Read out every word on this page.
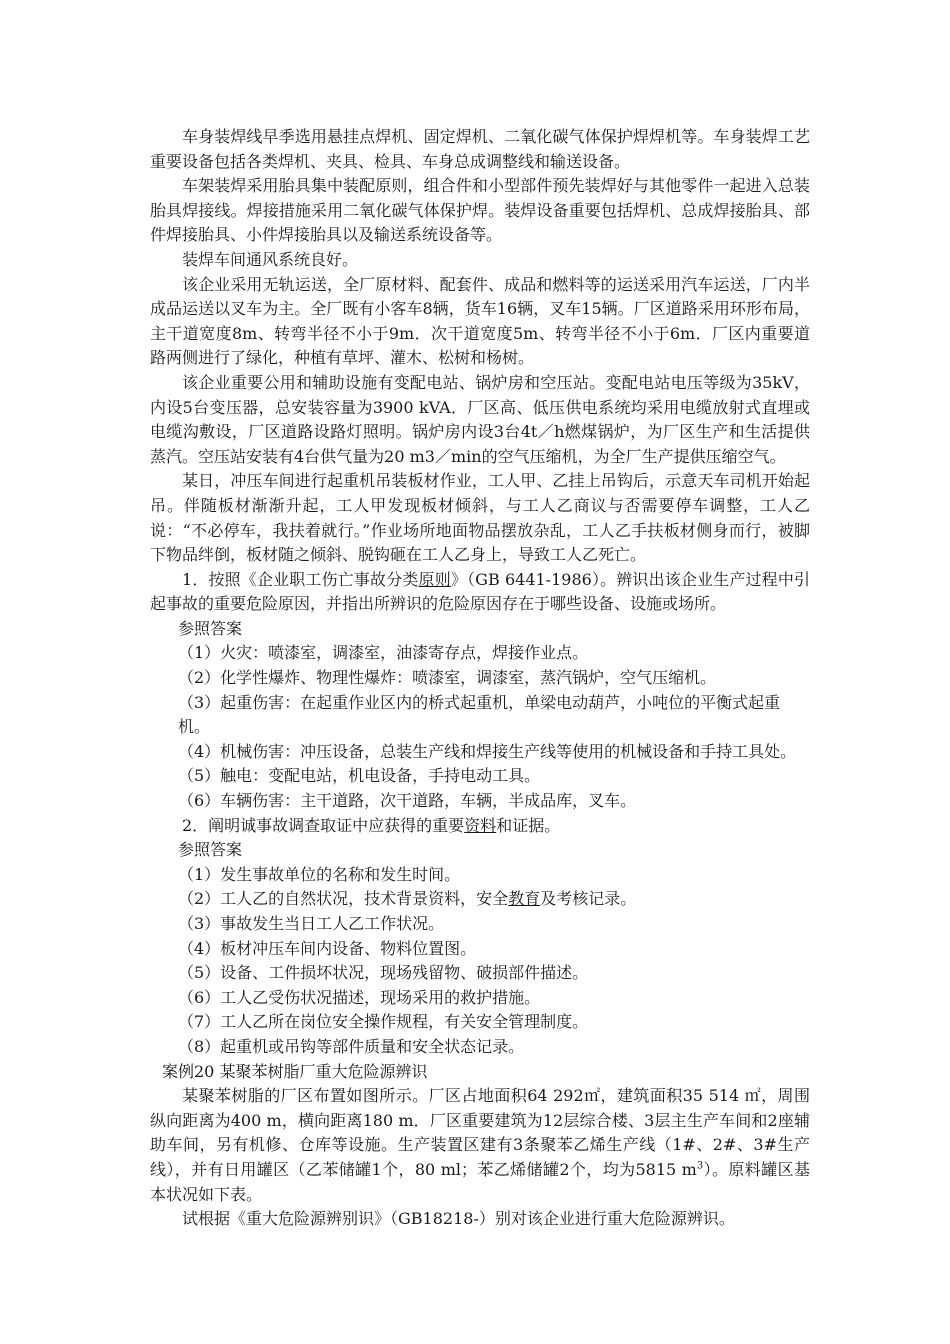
车身装焊线早季选用悬挂点焊机、固定焊机、二氧化碳气体保护焊焊机等。车身装焊工艺重要设备包括各类焊机、夹具、检具、车身总成调整线和输送设备。

车架装焊采用胎具集中装配原则，组合件和小型部件预先装焊好与其他零件一起进入总装胎具焊接线。焊接措施采用二氧化碳气体保护焊。装焊设备重要包括焊机、总成焊接胎具、部件焊接胎具、小件焊接胎具以及输送系统设备等。

装焊车间通风系统良好。

该企业采用无轨运送，全厂原材料、配套件、成品和燃料等的运送采用汽车运送，厂内半成品运送以叉车为主。全厂既有小客车8辆，货车16辆，叉车15辆。厂区道路采用环形布局，主干道宽度8m、转弯半径不小于9m．次干道宽度5m、转弯半径不小于6m．厂区内重要道路两侧进行了绿化，种植有草坪、灌木、松树和杨树。

该企业重要公用和辅助设施有变配电站、锅炉房和空压站。变配电站电压等级为35kV，内设5台变压器，总安装容量为3900 kVA．厂区高、低压供电系统均采用电缆放射式直埋或电缆沟敷设，厂区道路设路灯照明。锅炉房内设3台4t／h燃煤锅炉，为厂区生产和生活提供蒸汽。空压站安装有4台供气量为20 m3／min的空气压缩机，为全厂生产提供压缩空气。

某日，冲压车间进行起重机吊装板材作业，工人甲、乙挂上吊钩后，示意天车司机开始起吊。伴随板材渐渐升起，工人甲发现板材倾斜，与工人乙商议与否需要停车调整，工人乙说：“不必停车，我扶着就行。”作业场所地面物品摆放杂乱，工人乙手扶板材侧身而行，被脚下物品绊倒，板材随之倾斜、脱钩砸在工人乙身上，导致工人乙死亡。

1．按照《企业职工伤亡事故分类原则》（GB 6441-1986）。辨识出该企业生产过程中引起事故的重要危险原因，并指出所辨识的危险原因存在于哪些设备、设施或场所。

参照答案

（1）火灾：喷漆室，调漆室，油漆寄存点，焊接作业点。

（2）化学性爆炸、物理性爆炸：喷漆室，调漆室，蒸汽锅炉，空气压缩机。

（3）起重伤害：在起重作业区内的桥式起重机，单梁电动葫芦，小吨位的平衡式起重机。

（4）机械伤害：冲压设备，总装生产线和焊接生产线等使用的机械设备和手持工具处。

（5）触电：变配电站，机电设备，手持电动工具。

（6）车辆伤害：主干道路，次干道路，车辆，半成品库，叉车。

2．阐明诚事故调查取证中应获得的重要资料和证据。

参照答案

（1）发生事故单位的名称和发生时间。

（2）工人乙的自然状况，技术背景资料，安全教育及考核记录。

（3）事故发生当日工人乙工作状况。

（4）板材冲压车间内设备、物料位置图。

（5）设备、工件损坏状况，现场残留物、破损部件描述。

（6）工人乙受伤状况描述，现场采用的救护措施。

（7）工人乙所在岗位安全操作规程，有关安全管理制度。

（8）起重机或吊钩等部件质量和安全状态记录。

案例20 某聚苯树脂厂重大危险源辨识

某聚苯树脂的厂区布置如图所示。厂区占地面积64 292㎡，建筑面积35 514 ㎡，周围纵向距离为400 m，横向距离180 m．厂区重要建筑为12层综合楼、3层主生产车间和2座辅助车间，另有机修、仓库等设施。生产装置区建有3条聚苯乙烯生产线（1#、2#、3#生产线），并有日用罐区（乙苯储罐1个，80 ml；苯乙烯储罐2个，均为5815 $m^3$）。原料罐区基本状况如下表。

试根据《重大危险源辨别识》（GB18218-）别对该企业进行重大危险源辨识。
